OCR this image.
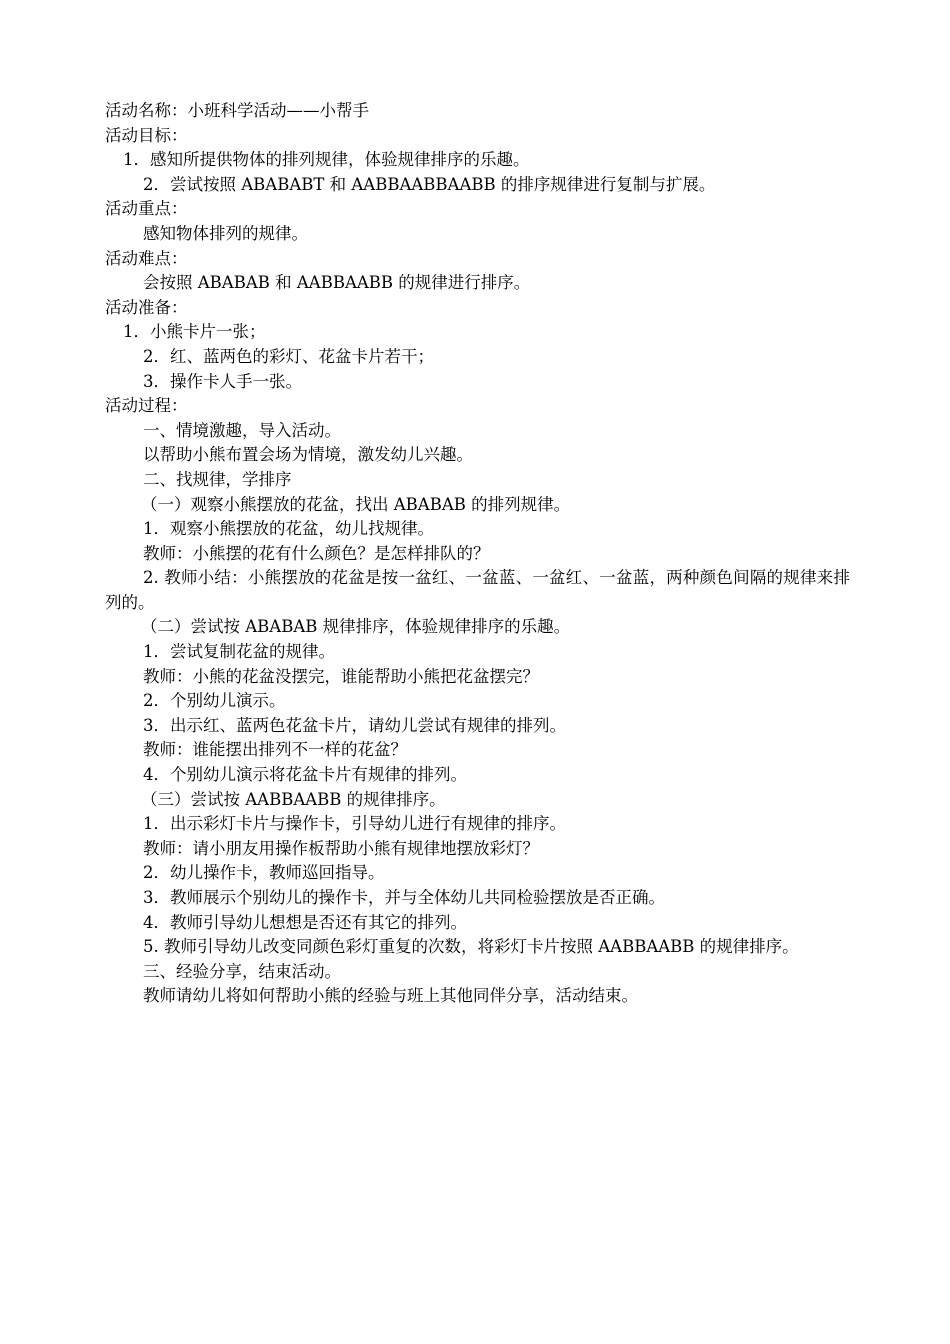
活动名称：小班科学活动——小帮手

活动目标：

1．感知所提供物体的排列规律，体验规律排序的乐趣。

2．尝试按照 ABABABT 和 AABBAABBAABB 的排序规律进行复制与扩展。

活动重点：

感知物体排列的规律。

活动难点：

会按照 ABABAB 和 AABBAABB 的规律进行排序。

活动准备：

1．小熊卡片一张；

2．红、蓝两色的彩灯、花盆卡片若干；

3．操作卡人手一张。

活动过程：

一、情境激趣，导入活动。

以帮助小熊布置会场为情境，激发幼儿兴趣。

二、找规律，学排序

（一）观察小熊摆放的花盆，找出 ABABAB 的排列规律。

1．观察小熊摆放的花盆，幼儿找规律。

教师：小熊摆的花有什么颜色？是怎样排队的？

2. 教师小结：小熊摆放的花盆是按一盆红、一盆蓝、一盆红、一盆蓝，两种颜色间隔的规律来排列的。

（二）尝试按 ABABAB 规律排序，体验规律排序的乐趣。

1．尝试复制花盆的规律。

教师：小熊的花盆没摆完，谁能帮助小熊把花盆摆完？

2．个别幼儿演示。

3．出示红、蓝两色花盆卡片，请幼儿尝试有规律的排列。

教师：谁能摆出排列不一样的花盆？

4．个别幼儿演示将花盆卡片有规律的排列。

（三）尝试按 AABBAABB 的规律排序。

1．出示彩灯卡片与操作卡，引导幼儿进行有规律的排序。

教师：请小朋友用操作板帮助小熊有规律地摆放彩灯？

2．幼儿操作卡，教师巡回指导。

3．教师展示个别幼儿的操作卡，并与全体幼儿共同检验摆放是否正确。

4．教师引导幼儿想想是否还有其它的排列。

5. 教师引导幼儿改变同颜色彩灯重复的次数，将彩灯卡片按照 AABBAABB 的规律排序。

三、经验分享，结束活动。

教师请幼儿将如何帮助小熊的经验与班上其他同伴分享，活动结束。
